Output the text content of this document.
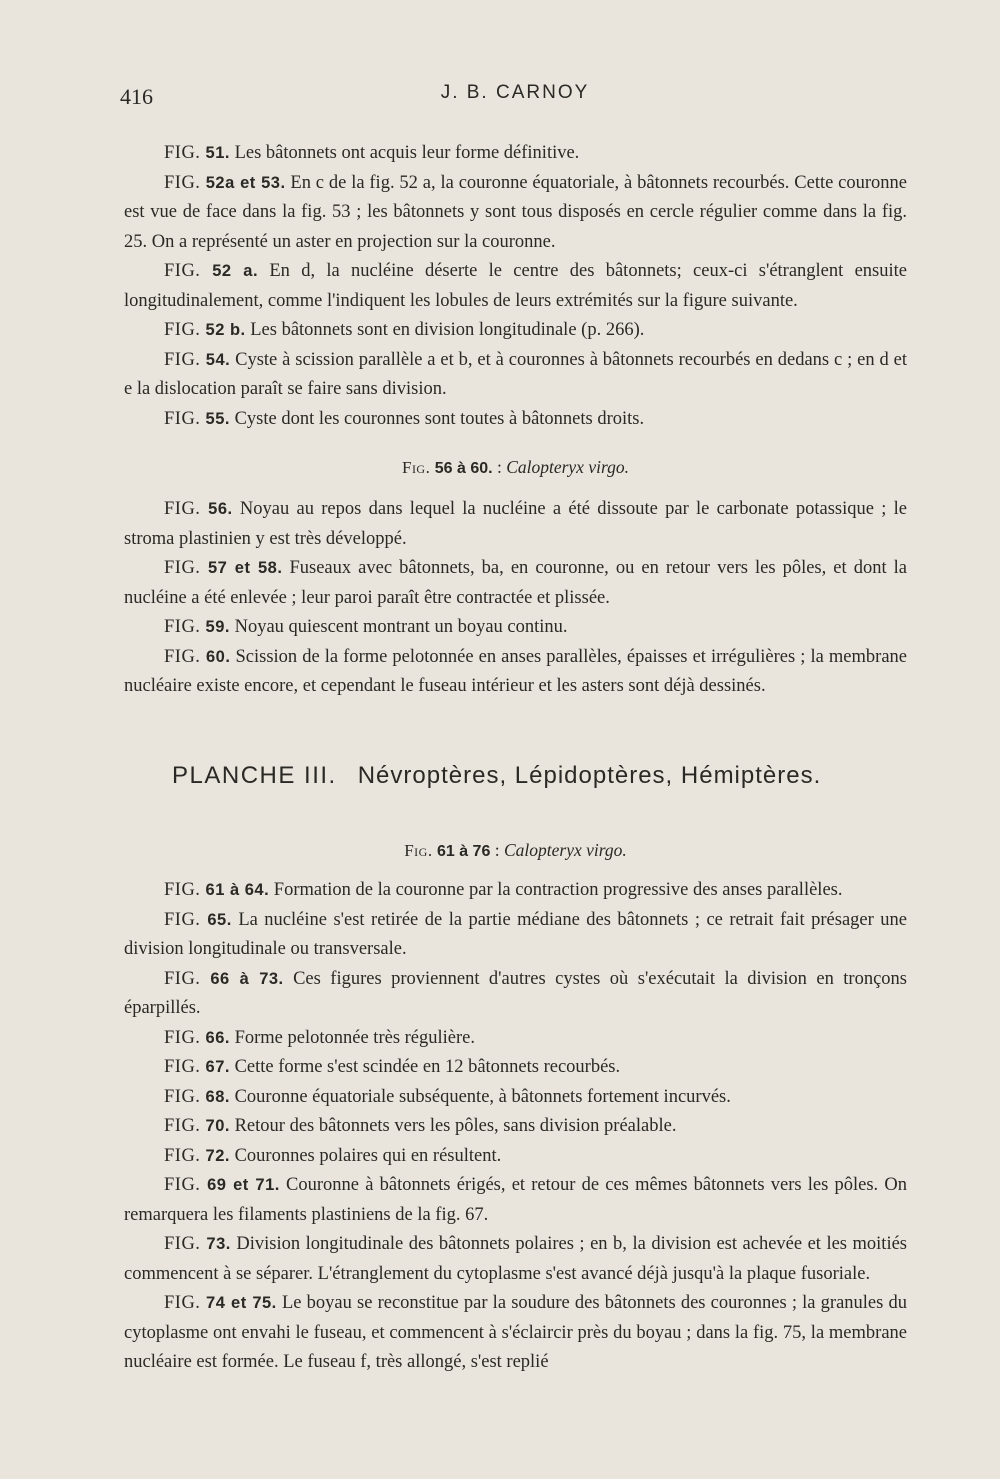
416	J. B. CARNOY

FIG. 51. Les bâtonnets ont acquis leur forme définitive.

FIG. 52a et 53. En c de la fig. 52 a, la couronne équatoriale, à bâtonnets recourbés. Cette couronne est vue de face dans la fig. 53 ; les bâtonnets y sont tous disposés en cercle régulier comme dans la fig. 25. On a représenté un aster en projection sur la couronne.

FIG. 52 a. En d, la nucléine déserte le centre des bâtonnets; ceux-ci s'étranglent ensuite longitudinalement, comme l'indiquent les lobules de leurs extrémités sur la figure suivante.

FIG. 52 b. Les bâtonnets sont en division longitudinale (p. 266).

FIG. 54. Cyste à scission parallèle a et b, et à couronnes à bâtonnets recourbés en dedans c ; en d et e la dislocation paraît se faire sans division.

FIG. 55. Cyste dont les couronnes sont toutes à bâtonnets droits.

Fig. 56 à 60. : Calopteryx virgo.

FIG. 56. Noyau au repos dans lequel la nucléine a été dissoute par le carbonate potassique ; le stroma plastinien y est très développé.

FIG. 57 et 58. Fuseaux avec bâtonnets, ba, en couronne, ou en retour vers les pôles, et dont la nucléine a été enlevée ; leur paroi paraît être contractée et plissée.

FIG. 59. Noyau quiescent montrant un boyau continu.

FIG. 60. Scission de la forme pelotonnée en anses parallèles, épaisses et irrégulières ; la membrane nucléaire existe encore, et cependant le fuseau intérieur et les asters sont déjà dessinés.

PLANCHE III. Névroptères, Lépidoptères, Hémiptères.

Fig. 61 à 76 : Calopteryx virgo.

FIG. 61 à 64. Formation de la couronne par la contraction progressive des anses parallèles.

FIG. 65. La nucléine s'est retirée de la partie médiane des bâtonnets ; ce retrait fait présager une division longitudinale ou transversale.

FIG. 66 à 73. Ces figures proviennent d'autres cystes où s'exécutait la division en tronçons éparpillés.

FIG. 66. Forme pelotonnée très régulière.

FIG. 67. Cette forme s'est scindée en 12 bâtonnets recourbés.

FIG. 68. Couronne équatoriale subséquente, à bâtonnets fortement incurvés.

FIG. 70. Retour des bâtonnets vers les pôles, sans division préalable.

FIG. 72. Couronnes polaires qui en résultent.

FIG. 69 et 71. Couronne à bâtonnets érigés, et retour de ces mêmes bâtonnets vers les pôles. On remarquera les filaments plastiniens de la fig. 67.

FIG. 73. Division longitudinale des bâtonnets polaires ; en b, la division est achevée et les moitiés commencent à se séparer. L'étranglement du cytoplasme s'est avancé déjà jusqu'à la plaque fusoriale.

FIG. 74 et 75. Le boyau se reconstitue par la soudure des bâtonnets des couronnes ; la granules du cytoplasme ont envahi le fuseau, et commencent à s'éclaircir près du boyau ; dans la fig. 75, la membrane nucléaire est formée. Le fuseau f, très allongé, s'est replié
